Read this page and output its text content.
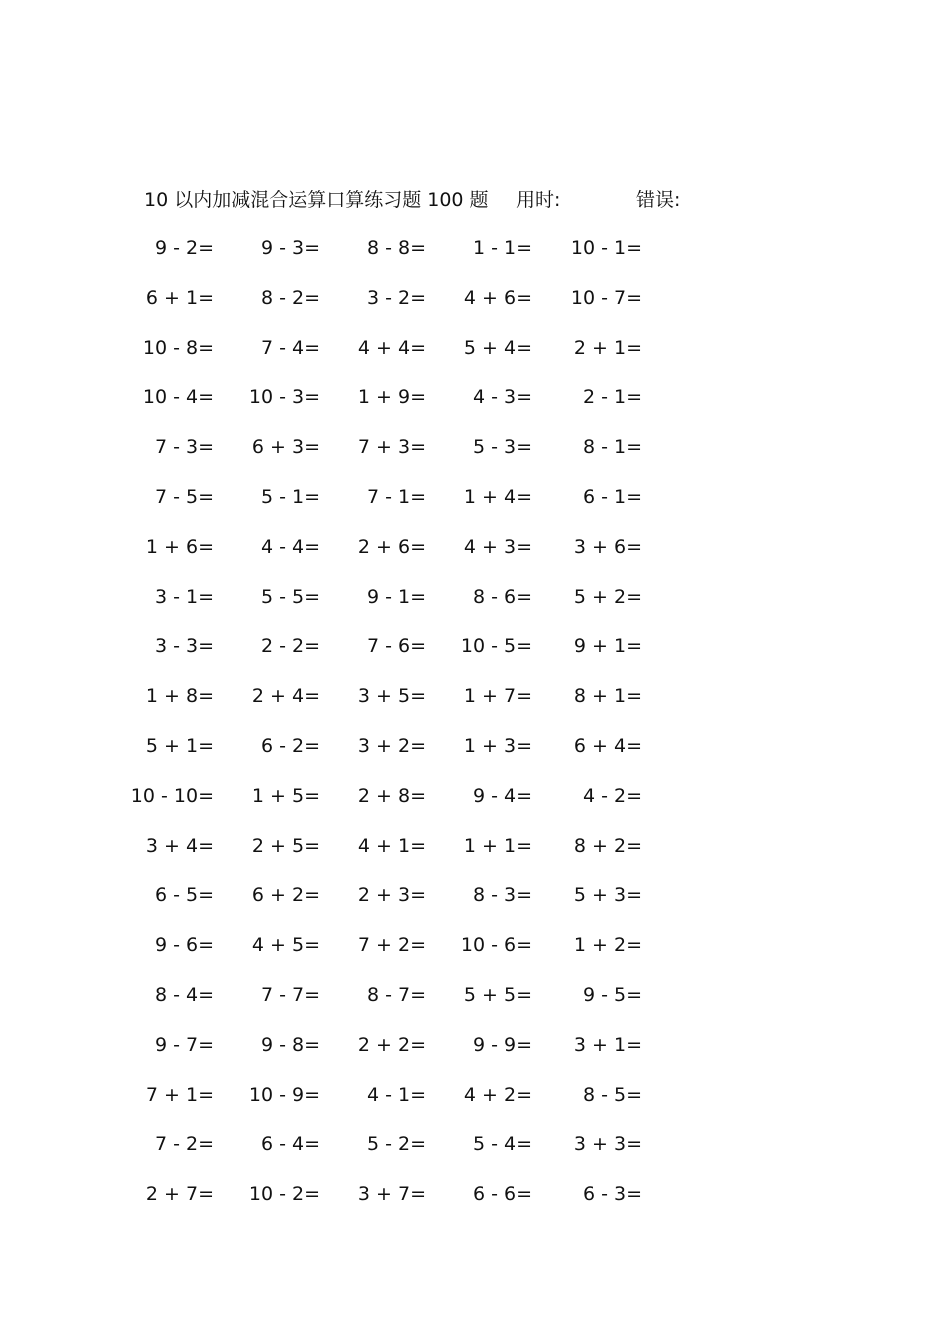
10 以内加减混合运算口算练习题 100 题 用时:	错误:
9 - 2= 9 - 3= 8 - 8= 1 - 1= 10 - 1=
6 + 1= 8 - 2= 3 - 2= 4 + 6= 10 - 7=
10 - 8= 7 - 4= 4 + 4= 5 + 4= 2 + 1=
10 - 4= 10 - 3= 1 + 9= 4 - 3=	2 - 1=
7 - 3= 6 + 3= 7 + 3= 5 - 3=	8 - 1=
7 - 5= 5 - 1= 7 - 1= 1 + 4=	6 - 1=
1 + 6= 4 - 4= 2 + 6= 4 + 3= 3 + 6=
3 - 1= 5 - 5= 9 - 1= 8 - 6= 5 + 2=
3 - 3= 2 - 2= 7 - 6= 10 - 5= 9 + 1=
1 + 8= 2 + 4= 3 + 5= 1 + 7= 8 + 1=
5 + 1= 6 - 2= 3 + 2= 1 + 3= 6 + 4=
10 - 10= 1 + 5= 2 + 8= 9 - 4=	4 - 2=
3 + 4= 2 + 5= 4 + 1= 1 + 1= 8 + 2=
6 - 5= 6 + 2= 2 + 3= 8 - 3= 5 + 3=
9 - 6= 4 + 5= 7 + 2= 10 - 6= 1 + 2=
8 - 4= 7 - 7= 8 - 7= 5 + 5=	9 - 5=
9 - 7= 9 - 8= 2 + 2= 9 - 9= 3 + 1=
7 + 1= 10 - 9= 4 - 1= 4 + 2=	8 - 5=
7 - 2= 6 - 4= 5 - 2= 5 - 4= 3 + 3=
2 + 7= 10 - 2= 3 + 7= 6 - 6=	6 - 3=
